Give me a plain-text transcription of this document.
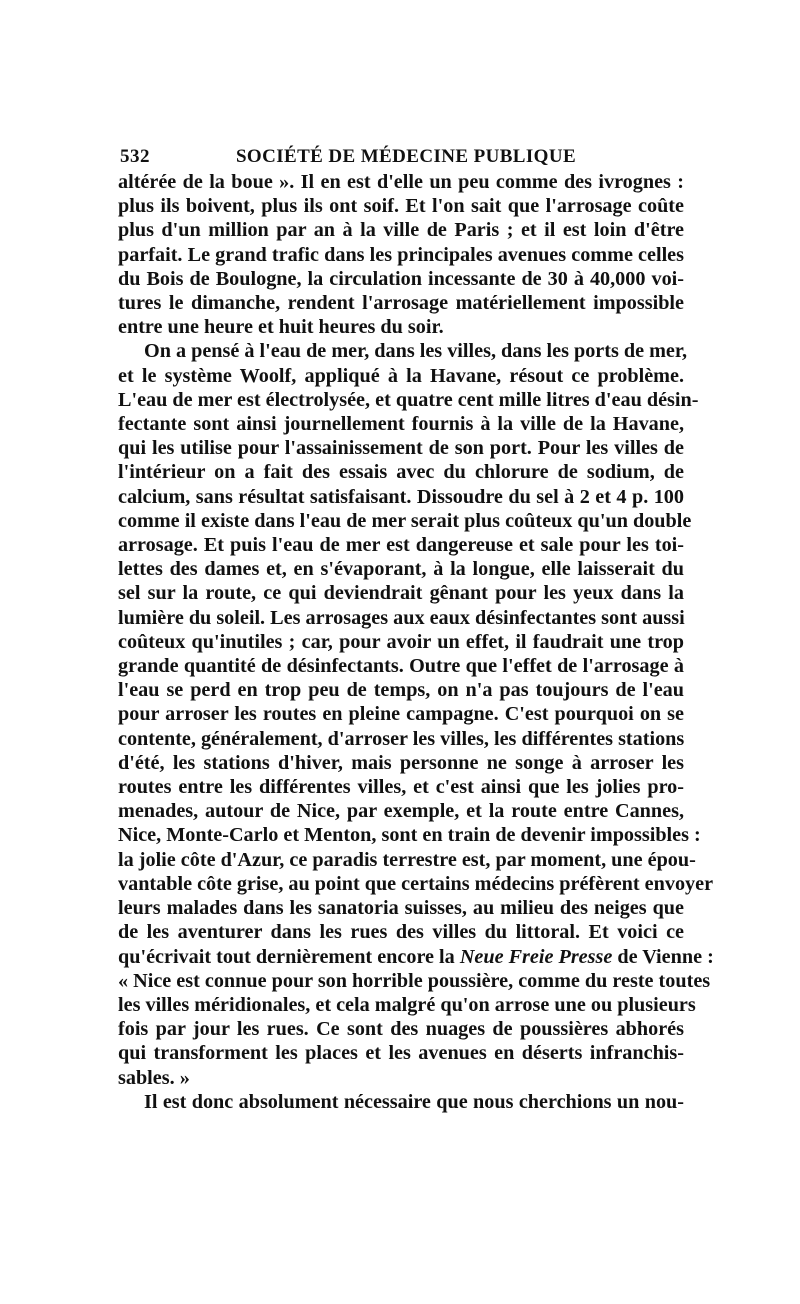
532	SOCIÉTÉ DE MÉDECINE PUBLIQUE
altérée de la boue ». Il en est d'elle un peu comme des ivrognes :
plus ils boivent, plus ils ont soif. Et l'on sait que l'arrosage coûte
plus d'un million par an à la ville de Paris ; et il est loin d'être
parfait. Le grand trafic dans les principales avenues comme celles
du Bois de Boulogne, la circulation incessante de 30 à 40,000 voi-
tures le dimanche, rendent l'arrosage matériellement impossible
entre une heure et huit heures du soir.
On a pensé à l'eau de mer, dans les villes, dans les ports de mer,
et le système Woolf, appliqué à la Havane, résout ce problème.
L'eau de mer est électrolysée, et quatre cent mille litres d'eau désin-
fectante sont ainsi journellement fournis à la ville de la Havane,
qui les utilise pour l'assainissement de son port. Pour les villes de
l'intérieur on a fait des essais avec du chlorure de sodium, de
calcium, sans résultat satisfaisant. Dissoudre du sel à 2 et 4 p. 100
comme il existe dans l'eau de mer serait plus coûteux qu'un double
arrosage. Et puis l'eau de mer est dangereuse et sale pour les toi-
lettes des dames et, en s'évaporant, à la longue, elle laisserait du
sel sur la route, ce qui deviendrait gênant pour les yeux dans la
lumière du soleil. Les arrosages aux eaux désinfectantes sont aussi
coûteux qu'inutiles ; car, pour avoir un effet, il faudrait une trop
grande quantité de désinfectants. Outre que l'effet de l'arrosage à
l'eau se perd en trop peu de temps, on n'a pas toujours de l'eau
pour arroser les routes en pleine campagne. C'est pourquoi on se
contente, généralement, d'arroser les villes, les différentes stations
d'été, les stations d'hiver, mais personne ne songe à arroser les
routes entre les différentes villes, et c'est ainsi que les jolies pro-
menades, autour de Nice, par exemple, et la route entre Cannes,
Nice, Monte-Carlo et Menton, sont en train de devenir impossibles :
la jolie côte d'Azur, ce paradis terrestre est, par moment, une épou-
vantable côte grise, au point que certains médecins préfèrent envoyer
leurs malades dans les sanatoria suisses, au milieu des neiges que
de les aventurer dans les rues des villes du littoral. Et voici ce
qu'écrivait tout dernièrement encore la Neue Freie Presse de Vienne :
« Nice est connue pour son horrible poussière, comme du reste toutes
les villes méridionales, et cela malgré qu'on arrose une ou plusieurs
fois par jour les rues. Ce sont des nuages de poussières abhorés
qui transforment les places et les avenues en déserts infranchis-
sables. »
Il est donc absolument nécessaire que nous cherchions un nou-
